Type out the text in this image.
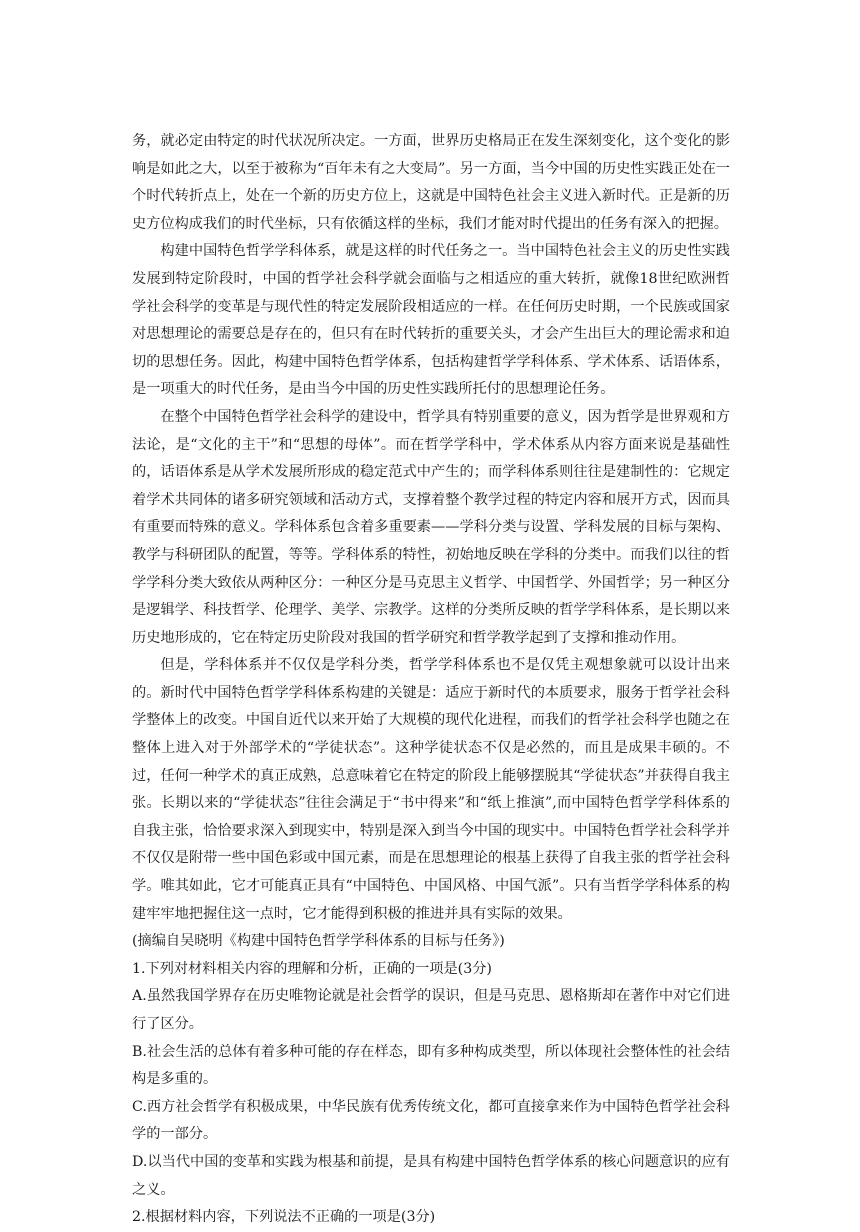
务，就必定由特定的时代状况所决定。一方面，世界历史格局正在发生深刻变化，这个变化的影响是如此之大，以至于被称为“百年未有之大变局”。另一方面，当今中国的历史性实践正处在一个时代转折点上，处在一个新的历史方位上，这就是中国特色社会主义进入新时代。正是新的历史方位构成我们的时代坐标，只有依循这样的坐标，我们才能对时代提出的任务有深入的把握。

构建中国特色哲学学科体系，就是这样的时代任务之一。当中国特色社会主义的历史性实践发展到特定阶段时，中国的哲学社会科学就会面临与之相适应的重大转折，就像18世纪欧洲哲学社会科学的变革是与现代性的特定发展阶段相适应的一样。在任何历史时期，一个民族或国家对思想理论的需要总是存在的，但只有在时代转折的重要关头，才会产生出巨大的理论需求和迫切的思想任务。因此，构建中国特色哲学体系，包括构建哲学学科体系、学术体系、话语体系，是一项重大的时代任务，是由当今中国的历史性实践所托付的思想理论任务。

在整个中国特色哲学社会科学的建设中，哲学具有特别重要的意义，因为哲学是世界观和方法论，是“文化的主干”和“思想的母体”。而在哲学学科中，学术体系从内容方面来说是基础性的，话语体系是从学术发展所形成的稳定范式中产生的；而学科体系则往往是建制性的：它规定着学术共同体的诸多研究领域和活动方式，支撑着整个教学过程的特定内容和展开方式，因而具有重要而特殊的意义。学科体系包含着多重要素——学科分类与设置、学科发展的目标与架构、教学与科研团队的配置，等等。学科体系的特性，初始地反映在学科的分类中。而我们以往的哲学学科分类大致依从两种区分：一种区分是马克思主义哲学、中国哲学、外国哲学；另一种区分是逻辑学、科技哲学、伦理学、美学、宗教学。这样的分类所反映的哲学学科体系，是长期以来历史地形成的，它在特定历史阶段对我国的哲学研究和哲学教学起到了支撑和推动作用。

但是，学科体系并不仅仅是学科分类，哲学学科体系也不是仅凭主观想象就可以设计出来的。新时代中国特色哲学学科体系构建的关键是：适应于新时代的本质要求，服务于哲学社会科学整体上的改变。中国自近代以来开始了大规模的现代化进程，而我们的哲学社会科学也随之在整体上进入对于外部学术的“学徒状态”。这种学徒状态不仅是必然的，而且是成果丰硕的。不过，任何一种学术的真正成熟，总意味着它在特定的阶段上能够摆脱其“学徒状态”并获得自我主张。长期以来的“学徒状态”往往会满足于“书中得来”和“纸上推演”,而中国特色哲学学科体系的自我主张，恰恰要求深入到现实中，特别是深入到当今中国的现实中。中国特色哲学社会科学并不仅仅是附带一些中国色彩或中国元素，而是在思想理论的根基上获得了自我主张的哲学社会科学。唯其如此，它才可能真正具有“中国特色、中国风格、中国气派”。只有当哲学学科体系的构建牢牢地把握住这一点时，它才能得到积极的推进并具有实际的效果。

(摘编自吴晓明《构建中国特色哲学学科体系的目标与任务》)

1.下列对材料相关内容的理解和分析，正确的一项是(3分)

A.虽然我国学界存在历史唯物论就是社会哲学的误识，但是马克思、恩格斯却在著作中对它们进行了区分。

B.社会生活的总体有着多种可能的存在样态，即有多种构成类型，所以体现社会整体性的社会结构是多重的。

C.西方社会哲学有积极成果，中华民族有优秀传统文化，都可直接拿来作为中国特色哲学社会科学的一部分。

D.以当代中国的变革和实践为根基和前提，是具有构建中国特色哲学体系的核心问题意识的应有之义。

2.根据材料内容，下列说法不正确的一项是(3分)
